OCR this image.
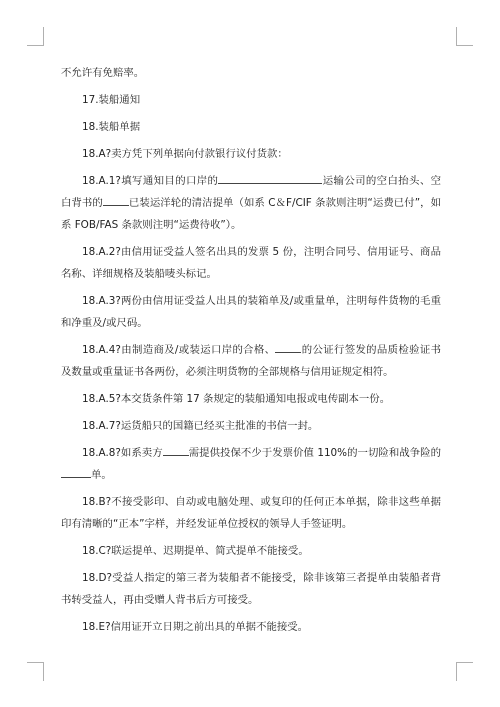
不允许有免赔率。

17.装船通知

18.装船单据

18.A?卖方凭下列单据向付款银行议付货款：

18.A.1?填写通知目的口岸的	运输公司的空白抬头、空白背书的	已装运洋轮的清洁提单（如系 C＆F/CIF 条款则注明“运费已付”，如系 FOB/FAS 条款则注明“运费待收”）。

18.A.2?由信用证受益人签名出具的发票 5 份，注明合同号、信用证号、商品名称、详细规格及装船唛头标记。

18.A.3?两份由信用证受益人出具的装箱单及/或重量单，注明每件货物的毛重和净重及/或尺码。

18.A.4?由制造商及/或装运口岸的合格、	的公证行签发的品质检验证书及数量或重量证书各两份，必须注明货物的全部规格与信用证规定相符。

18.A.5?本交货条件第 17 条规定的装船通知电报或电传副本一份。

18.A.7?运货船只的国籍已经买主批准的书信一封。

18.A.8?如系卖方	需提供投保不少于发票价值 110%的一切险和战争险的单。

18.B?不接受影印、自动或电脑处理、或复印的任何正本单据，除非这些单据印有清晰的“正本”字样，并经发证单位授权的领导人手签证明。

18.C?联运提单、迟期提单、简式提单不能接受。

18.D?受益人指定的第三者为装船者不能接受，除非该第三者提单由装船者背书转受益人，再由受赠人背书后方可接受。

18.E?信用证开立日期之前出具的单据不能接受。
